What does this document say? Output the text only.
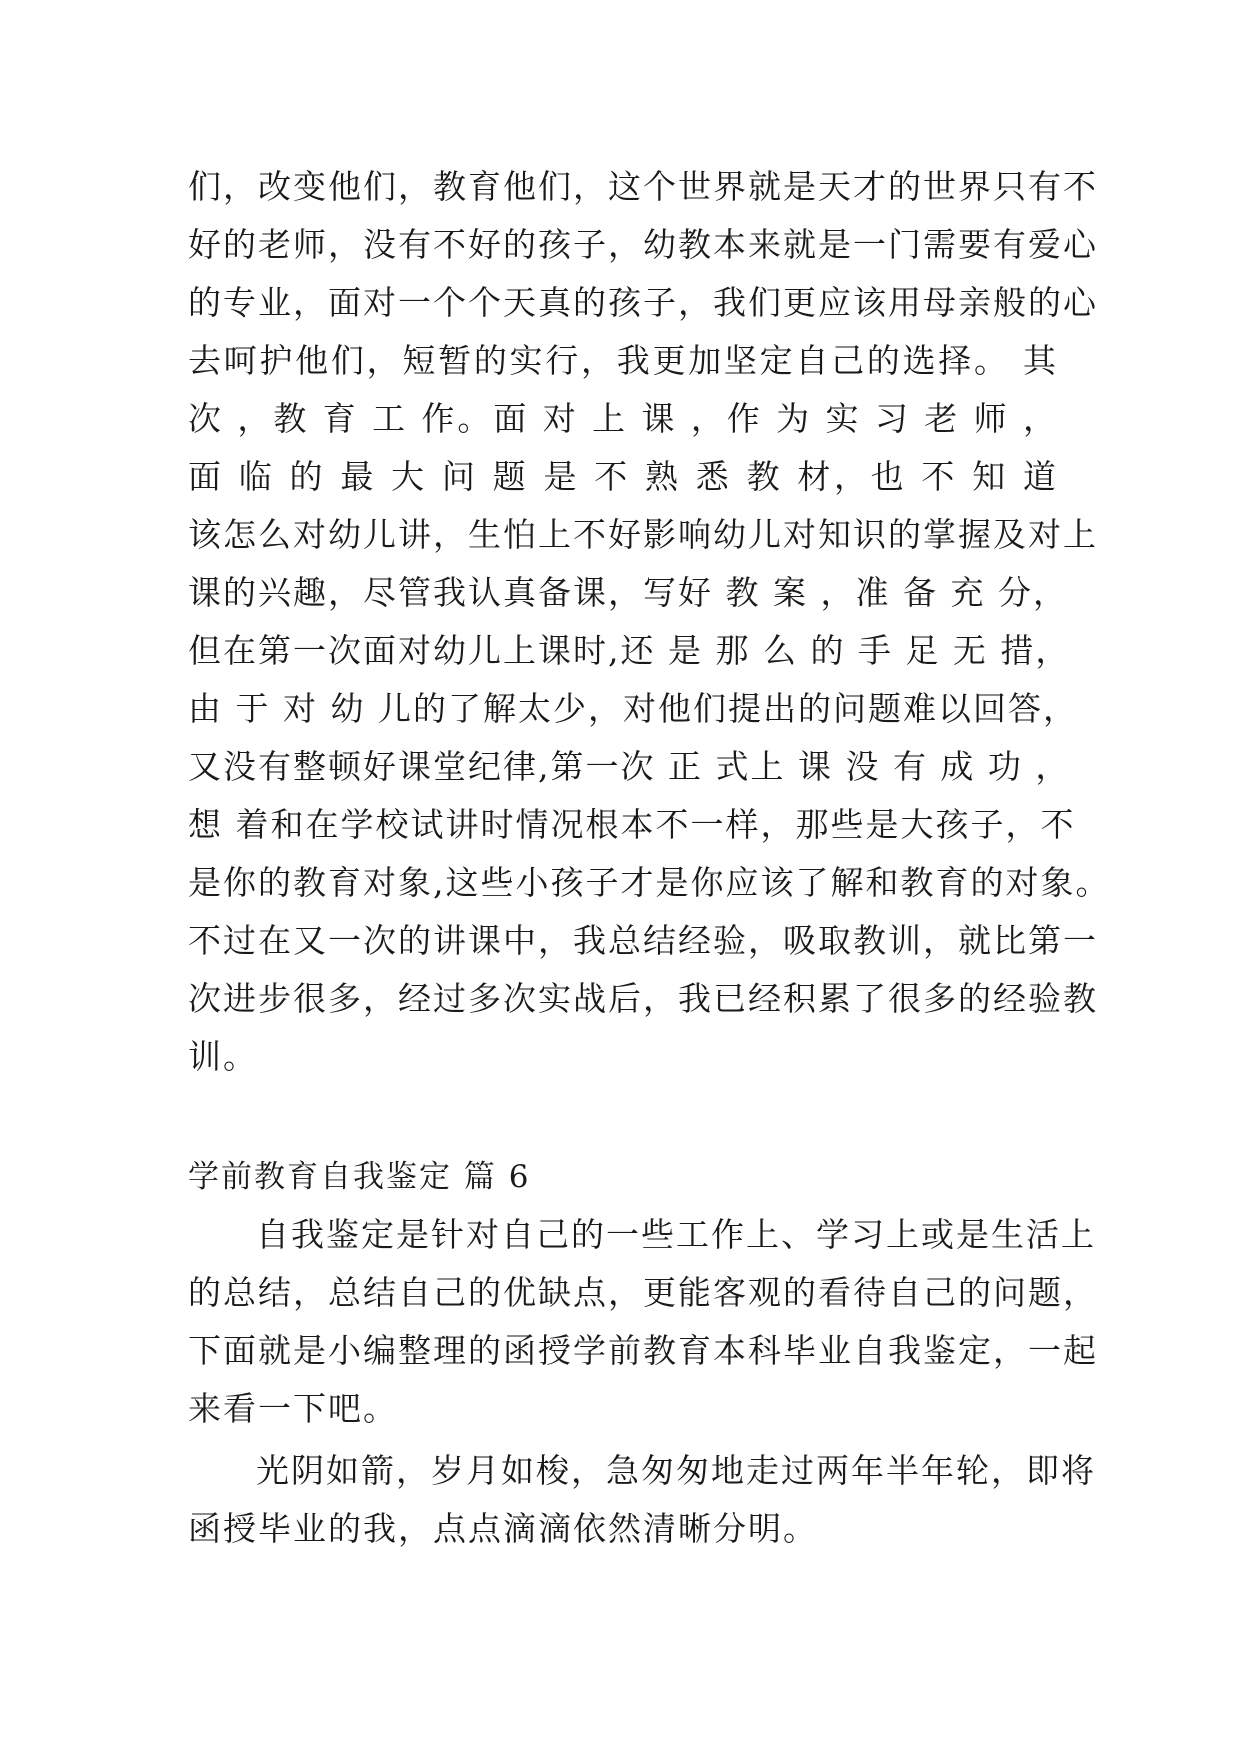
们，改变他们，教育他们，这个世界就是天才的世界只有不
好的老师，没有不好的孩子，幼教本来就是一门需要有爱心
的专业，面对一个个天真的孩子，我们更应该用母亲般的心
去呵护他们，短暂的实行，我更加坚定自己的选择。 其
次 ，教 育 工 作。面 对 上 课 ，作 为 实 习 老 师 ，
面 临 的 最 大 问 题 是 不 熟 悉 教 材，也 不 知 道
该怎么对幼儿讲，生怕上不好影响幼儿对知识的掌握及对上
课的兴趣，尽管我认真备课，写好 教 案 ，准 备 充 分，
但在第一次面对幼儿上课时,还 是 那 么 的 手 足 无 措，
由 于 对 幼 儿的了解太少，对他们提出的问题难以回答，
又没有整顿好课堂纪律,第一次 正 式上 课 没 有 成 功 ，
想 着和在学校试讲时情况根本不一样，那些是大孩子，不
是你的教育对象,这些小孩子才是你应该了解和教育的对象。
不过在又一次的讲课中，我总结经验，吸取教训，就比第一
次进步很多，经过多次实战后，我已经积累了很多的经验教
训。
学前教育自我鉴定 篇 6
自我鉴定是针对自己的一些工作上、学习上或是生活上
的总结，总结自己的优缺点，更能客观的看待自己的问题，
下面就是小编整理的函授学前教育本科毕业自我鉴定，一起
来看一下吧。
光阴如箭，岁月如梭，急匆匆地走过两年半年轮，即将
函授毕业的我，点点滴滴依然清晰分明。
